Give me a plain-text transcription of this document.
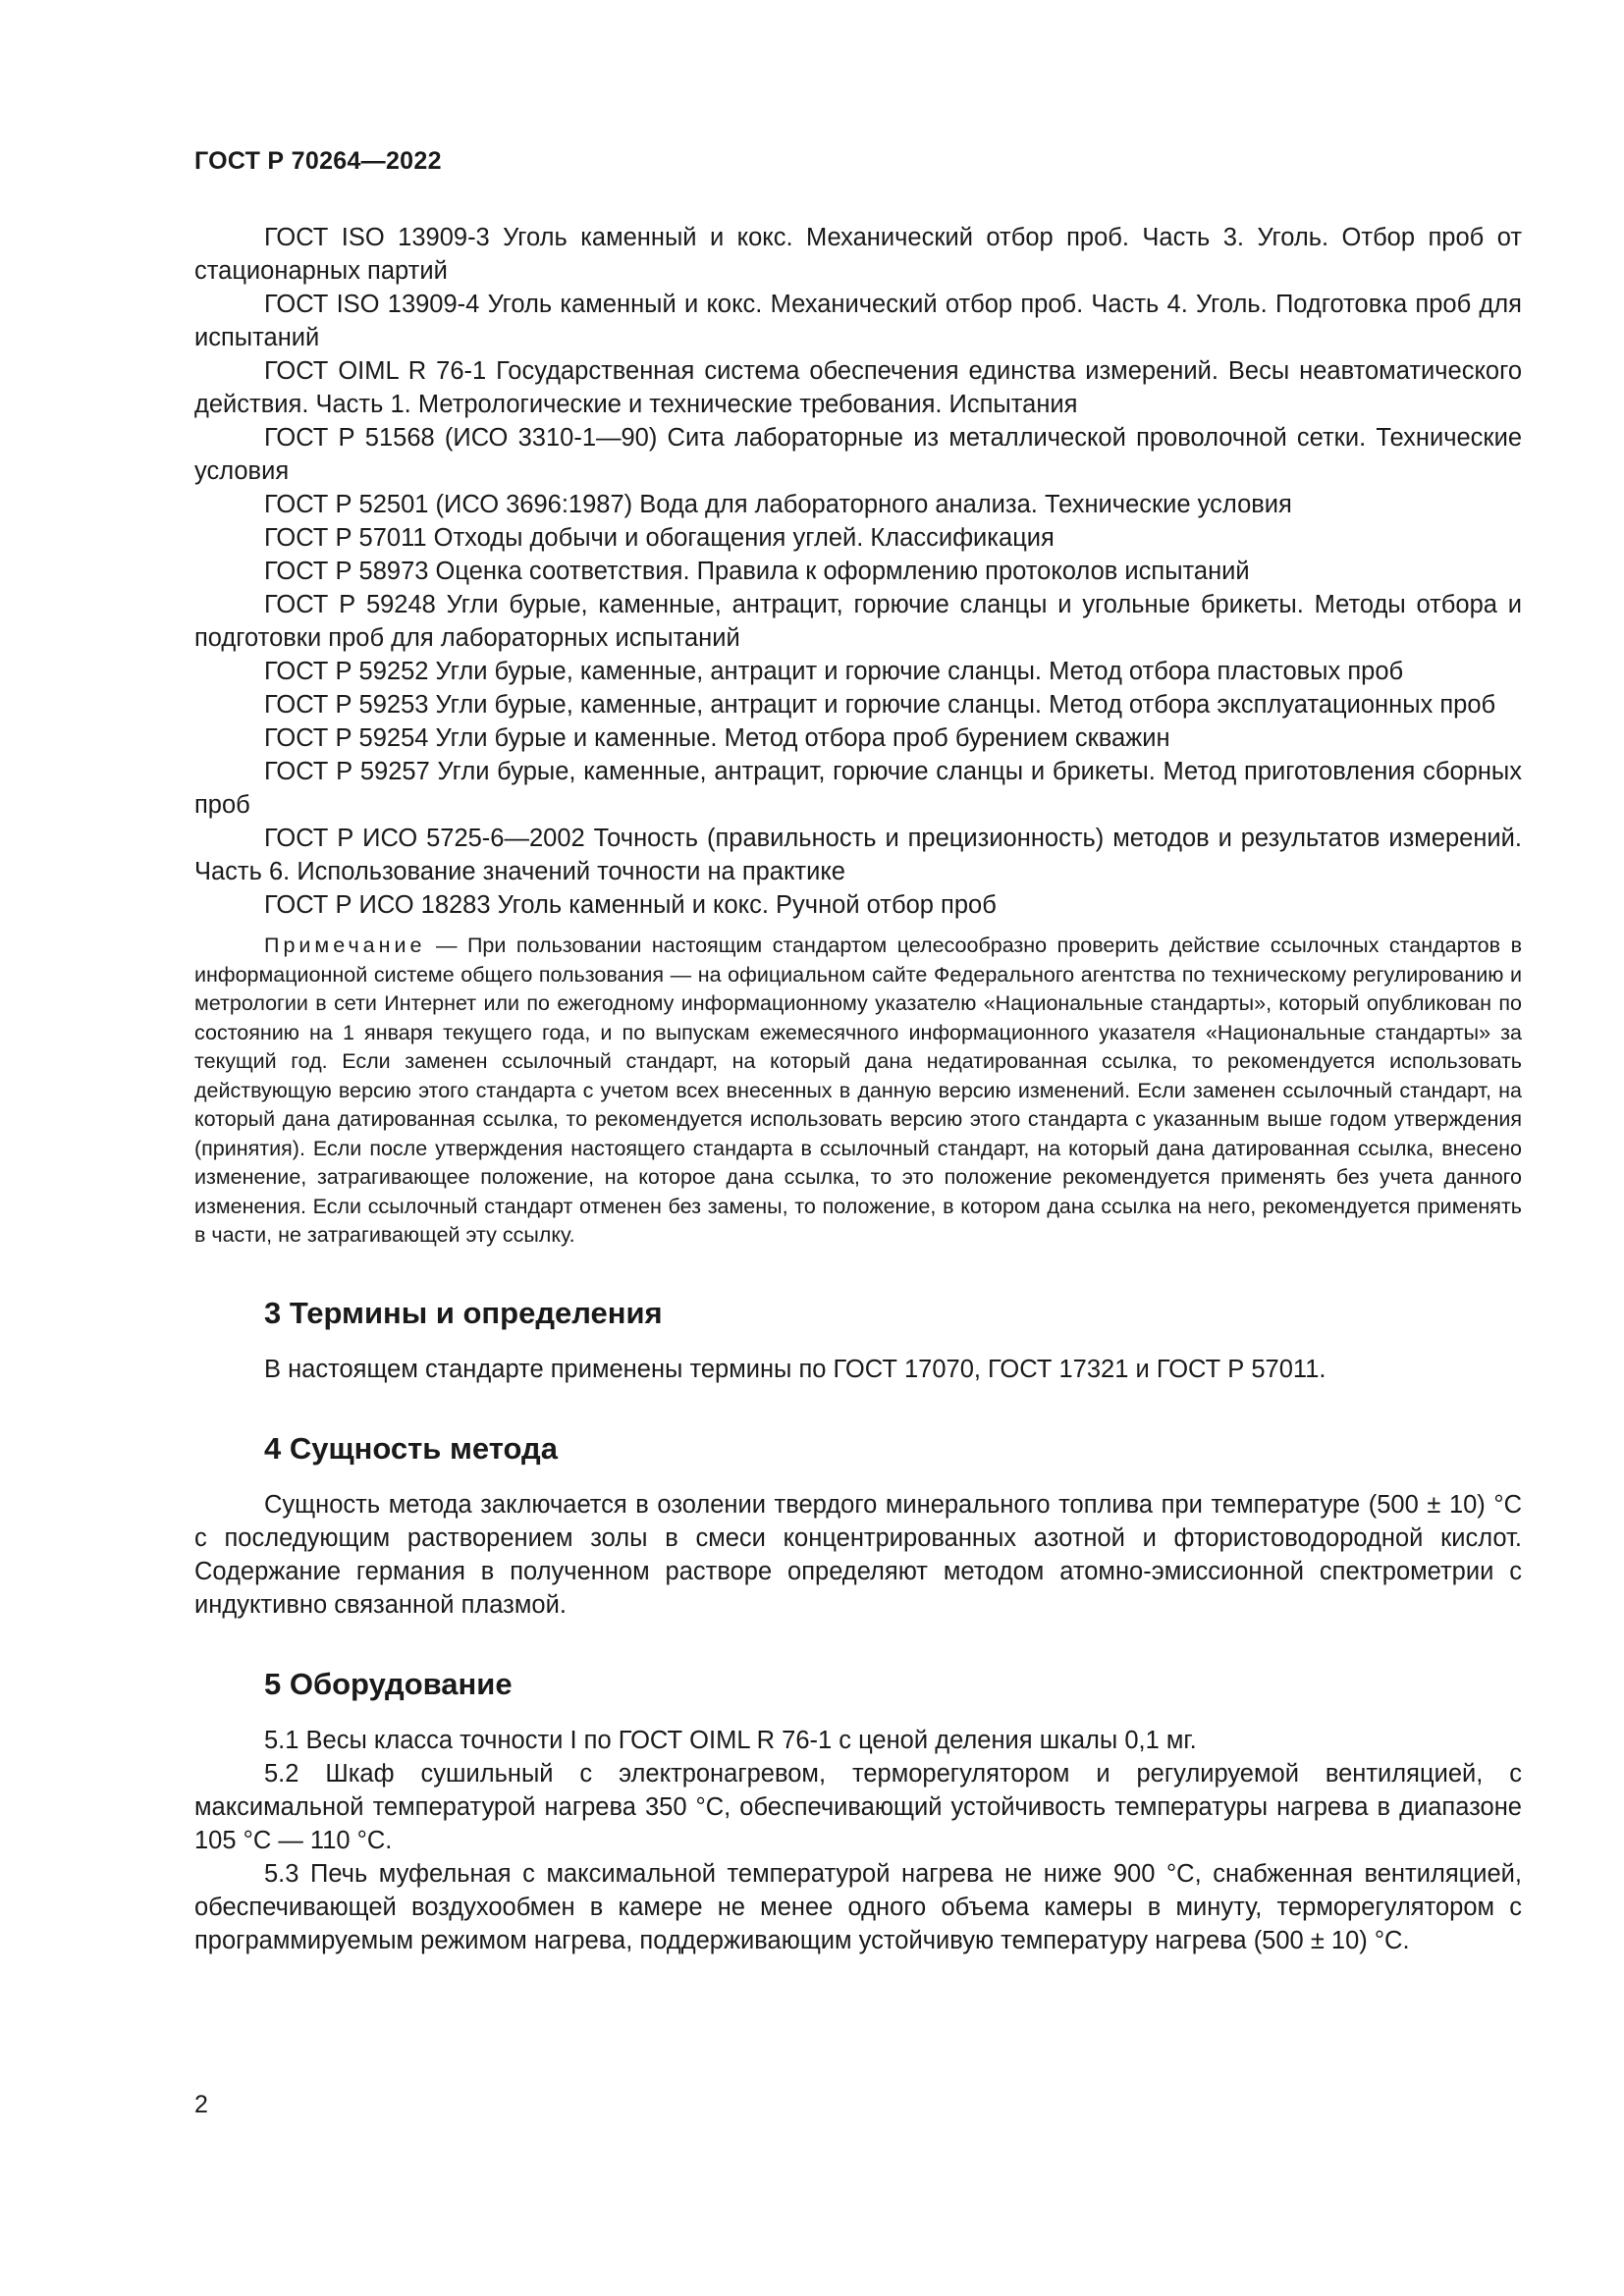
ГОСТ Р 70264—2022

ГОСТ ISO 13909-3 Уголь каменный и кокс. Механический отбор проб. Часть 3. Уголь. Отбор проб от стационарных партий

ГОСТ ISO 13909-4 Уголь каменный и кокс. Механический отбор проб. Часть 4. Уголь. Подготовка проб для испытаний

ГОСТ OIML R 76-1 Государственная система обеспечения единства измерений. Весы неавтоматического действия. Часть 1. Метрологические и технические требования. Испытания

ГОСТ Р 51568 (ИСО 3310-1—90) Сита лабораторные из металлической проволочной сетки. Технические условия

ГОСТ Р 52501 (ИСО 3696:1987) Вода для лабораторного анализа. Технические условия

ГОСТ Р 57011 Отходы добычи и обогащения углей. Классификация

ГОСТ Р 58973 Оценка соответствия. Правила к оформлению протоколов испытаний

ГОСТ Р 59248 Угли бурые, каменные, антрацит, горючие сланцы и угольные брикеты. Методы отбора и подготовки проб для лабораторных испытаний

ГОСТ Р 59252 Угли бурые, каменные, антрацит и горючие сланцы. Метод отбора пластовых проб

ГОСТ Р 59253 Угли бурые, каменные, антрацит и горючие сланцы. Метод отбора эксплуатационных проб

ГОСТ Р 59254 Угли бурые и каменные. Метод отбора проб бурением скважин

ГОСТ Р 59257 Угли бурые, каменные, антрацит, горючие сланцы и брикеты. Метод приготовления сборных проб

ГОСТ Р ИСО 5725-6—2002 Точность (правильность и прецизионность) методов и результатов измерений. Часть 6. Использование значений точности на практике

ГОСТ Р ИСО 18283 Уголь каменный и кокс. Ручной отбор проб

Примечание — При пользовании настоящим стандартом целесообразно проверить действие ссылочных стандартов в информационной системе общего пользования — на официальном сайте Федерального агентства по техническому регулированию и метрологии в сети Интернет или по ежегодному информационному указателю «Национальные стандарты», который опубликован по состоянию на 1 января текущего года, и по выпускам ежемесячного информационного указателя «Национальные стандарты» за текущий год. Если заменен ссылочный стандарт, на который дана недатированная ссылка, то рекомендуется использовать действующую версию этого стандарта с учетом всех внесенных в данную версию изменений. Если заменен ссылочный стандарт, на который дана датированная ссылка, то рекомендуется использовать версию этого стандарта с указанным выше годом утверждения (принятия). Если после утверждения настоящего стандарта в ссылочный стандарт, на который дана датированная ссылка, внесено изменение, затрагивающее положение, на которое дана ссылка, то это положение рекомендуется применять без учета данного изменения. Если ссылочный стандарт отменен без замены, то положение, в котором дана ссылка на него, рекомендуется применять в части, не затрагивающей эту ссылку.

3 Термины и определения

В настоящем стандарте применены термины по ГОСТ 17070, ГОСТ 17321 и ГОСТ Р 57011.

4 Сущность метода

Сущность метода заключается в озолении твердого минерального топлива при температуре (500 ± 10) °С с последующим растворением золы в смеси концентрированных азотной и фтористоводородной кислот. Содержание германия в полученном растворе определяют методом атомно-эмиссионной спектрометрии с индуктивно связанной плазмой.

5 Оборудование

5.1 Весы класса точности I по ГОСТ OIML R 76-1 с ценой деления шкалы 0,1 мг.

5.2 Шкаф сушильный с электронагревом, терморегулятором и регулируемой вентиляцией, с максимальной температурой нагрева 350 °С, обеспечивающий устойчивость температуры нагрева в диапазоне 105 °С — 110 °С.

5.3 Печь муфельная с максимальной температурой нагрева не ниже 900 °С, снабженная вентиляцией, обеспечивающей воздухообмен в камере не менее одного объема камеры в минуту, терморегулятором с программируемым режимом нагрева, поддерживающим устойчивую температуру нагрева (500 ± 10) °С.

2
